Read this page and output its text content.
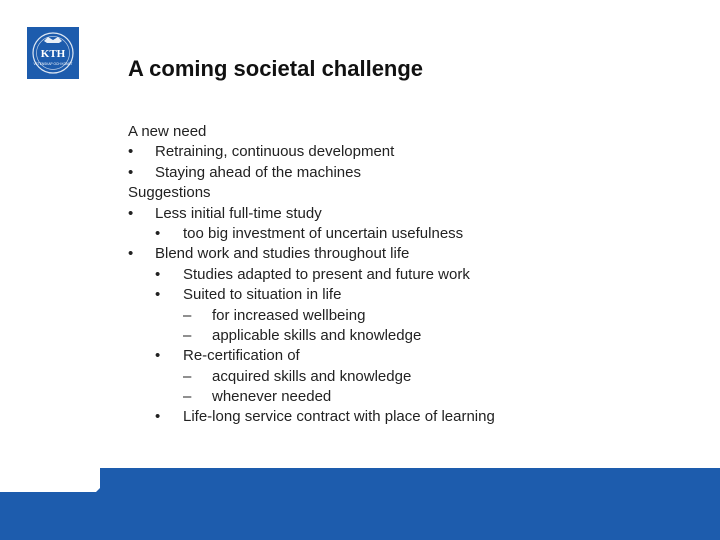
KTH
VETENSKAP OCH KONST	A coming societal challenge
A new need
• Retraining, continuous development
• Staying ahead of the machines
Suggestions
• Less initial full-time study
• too big investment of uncertain usefulness
• Blend work and studies throughout life
• Studies adapted to present and future work
• Suited to situation in life
– for increased wellbeing
– applicable skills and knowledge
• Re-certification of
– acquired skills and knowledge
– whenever needed
• Life-long service contract with place of learning
